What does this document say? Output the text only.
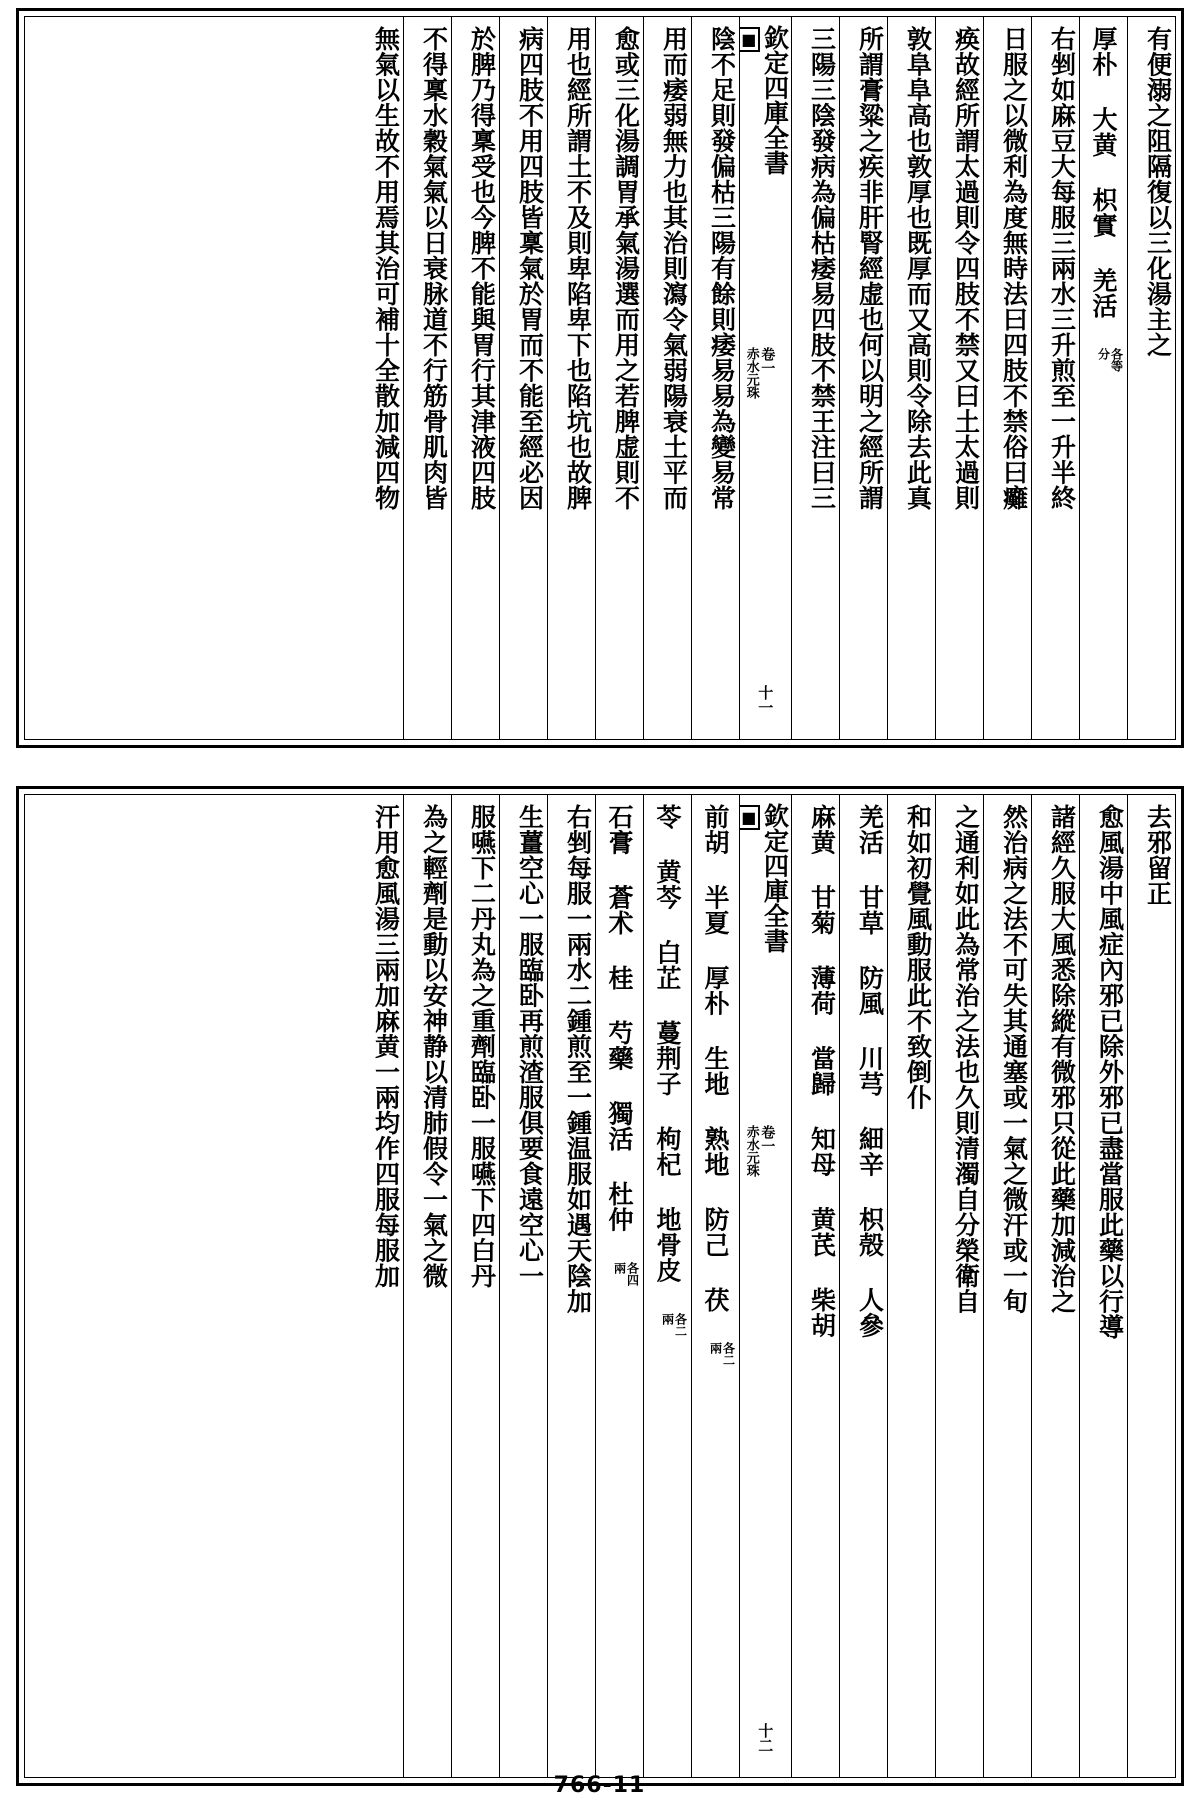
有便溺之阻隔復以三化湯主之
厚朴 大黄 枳實 羌活
各等
分
右剉如麻豆大每服三兩水三升煎至一升半終
日服之以微利為度無時法曰四肢不禁俗曰癱
痪故經所謂太過則令四肢不禁又曰土太過則
敦阜阜高也敦厚也既厚而又高則令除去此真
所謂膏粱之疾非肝腎經虚也何以明之經所謂
三陽三陰發病為偏枯痿易四肢不禁王注曰三
欽定四庫全書
■
赤水元珠 卷一
十一
陰不足則發偏枯三陽有餘則痿易易為變易常
用而痿弱無力也其治則瀉令氣弱陽衰土平而
愈或三化湯調胃承氣湯選而用之若脾虚則不
用也經所謂土不及則卑陷卑下也陷坑也故脾
病四肢不用四肢皆稟氣於胃而不能至經必因
於脾乃得稟受也今脾不能與胃行其津液四肢
不得稟水穀氣氣以日衰脉道不行筋骨肌肉皆
無氣以生故不用焉其治可補十全散加減四物
去邪留正
愈風湯中風症內邪已除外邪已盡當服此藥以行導
諸經久服大風悉除縱有微邪只從此藥加減治之
然治病之法不可失其通塞或一氣之微汗或一旬
之通利如此為常治之法也久則清濁自分榮衛自
和如初覺風動服此不致倒仆
羌活 甘草 防風 川芎 細辛 枳殻 人參
麻黄 甘菊 薄荷 當歸 知母 黄芪 柴胡
欽定四庫全書
■
赤水元珠 卷一
十二
前胡 半夏 厚朴 生地 熟地 防己 茯
各二
兩
苓 黄芩 白芷 蔓荆子 枸杞 地骨皮
各二
兩
石膏 蒼术 桂 芍藥 獨活 杜仲
各四
兩
右剉每服一兩水二鍾煎至一鍾温服如遇天陰加
生薑空心一服臨卧再煎渣服俱要食遠空心一
服嚥下二丹丸為之重劑臨卧一服嚥下四白丹
為之輕劑是動以安神静以清肺假令一氣之微
汗用愈風湯三兩加麻黄一兩均作四服每服加
766-11
